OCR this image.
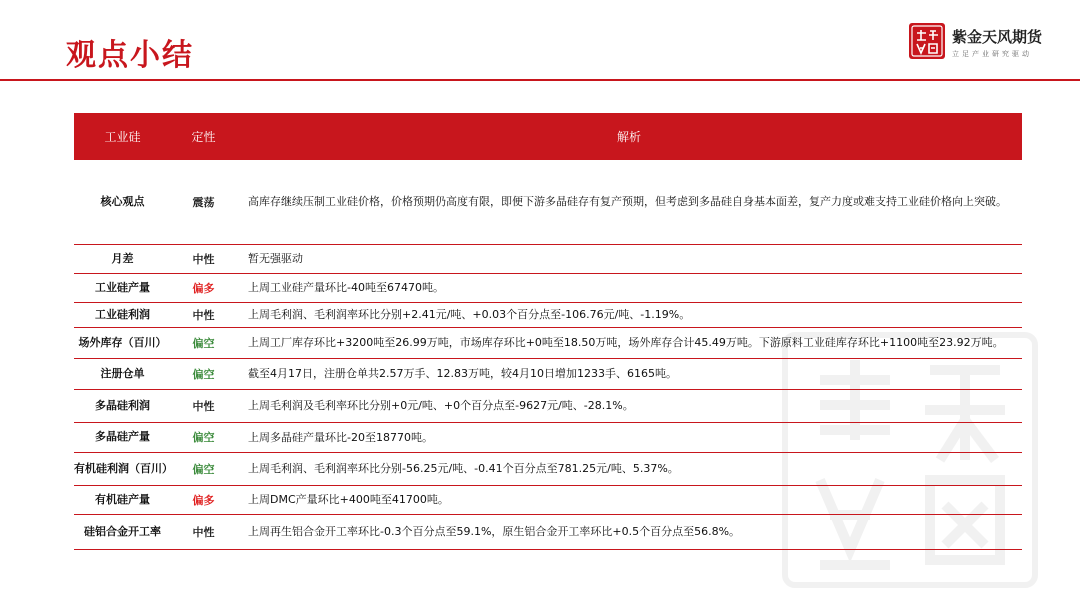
观点小结
紫金天风期货
立足产业研究驱动
工业硅	定性	解析
核心观点	震荡	高库存继续压制工业硅价格，价格预期仍高度有限，即便下游多晶硅存有复产预期，但考虑到多晶硅自身基本面差，复产力度或难支持工业硅价格向上突破。
月差	中性	暂无强驱动
工业硅产量	偏多	上周工业硅产量环比-40吨至67470吨。
工业硅利润	中性	上周毛利润、毛利润率环比分别+2.41元/吨、+0.03个百分点至-106.76元/吨、-1.19%。
场外库存（百川）	偏空	上周工厂库存环比+3200吨至26.99万吨，市场库存环比+0吨至18.50万吨，场外库存合计45.49万吨。下游原料工业硅库存环比+1100吨至23.92万吨。
注册仓单	偏空	截至4月17日，注册仓单共2.57万手、12.83万吨，较4月10日增加1233手、6165吨。
多晶硅利润	中性	上周毛利润及毛利率环比分别+0元/吨、+0个百分点至-9627元/吨、-28.1%。
多晶硅产量	偏空	上周多晶硅产量环比-20至18770吨。
有机硅利润（百川）	偏空	上周毛利润、毛利润率环比分别-56.25元/吨、-0.41个百分点至781.25元/吨、5.37%。
有机硅产量	偏多	上周DMC产量环比+400吨至41700吨。
硅铝合金开工率	中性	上周再生铝合金开工率环比-0.3个百分点至59.1%，原生铝合金开工率环比+0.5个百分点至56.8%。
